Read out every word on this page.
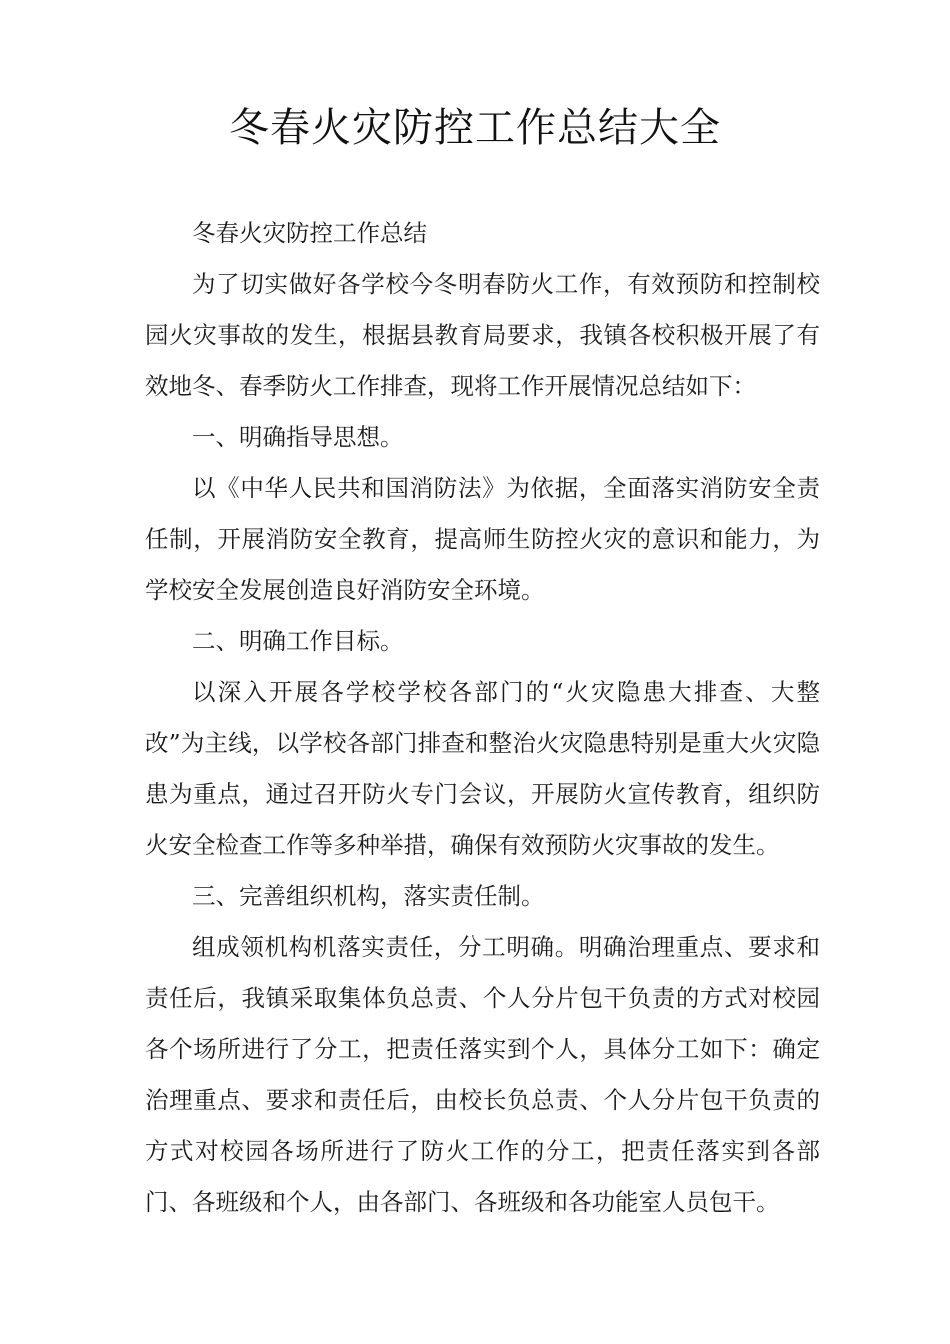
冬春火灾防控工作总结大全

冬春火灾防控工作总结

为了切实做好各学校今冬明春防火工作，有效预防和控制校园火灾事故的发生，根据县教育局要求，我镇各校积极开展了有效地冬、春季防火工作排查，现将工作开展情况总结如下：

一、明确指导思想。

以《中华人民共和国消防法》为依据，全面落实消防安全责任制，开展消防安全教育，提高师生防控火灾的意识和能力，为学校安全发展创造良好消防安全环境。

二、明确工作目标。

以深入开展各学校学校各部门的“火灾隐患大排查、大整改”为主线，以学校各部门排查和整治火灾隐患特别是重大火灾隐患为重点，通过召开防火专门会议，开展防火宣传教育，组织防火安全检查工作等多种举措，确保有效预防火灾事故的发生。

三、完善组织机构，落实责任制。

组成领机构机落实责任，分工明确。明确治理重点、要求和责任后，我镇采取集体负总责、个人分片包干负责的方式对校园各个场所进行了分工，把责任落实到个人，具体分工如下：确定治理重点、要求和责任后，由校长负总责、个人分片包干负责的方式对校园各场所进行了防火工作的分工，把责任落实到各部门、各班级和个人，由各部门、各班级和各功能室人员包干。
